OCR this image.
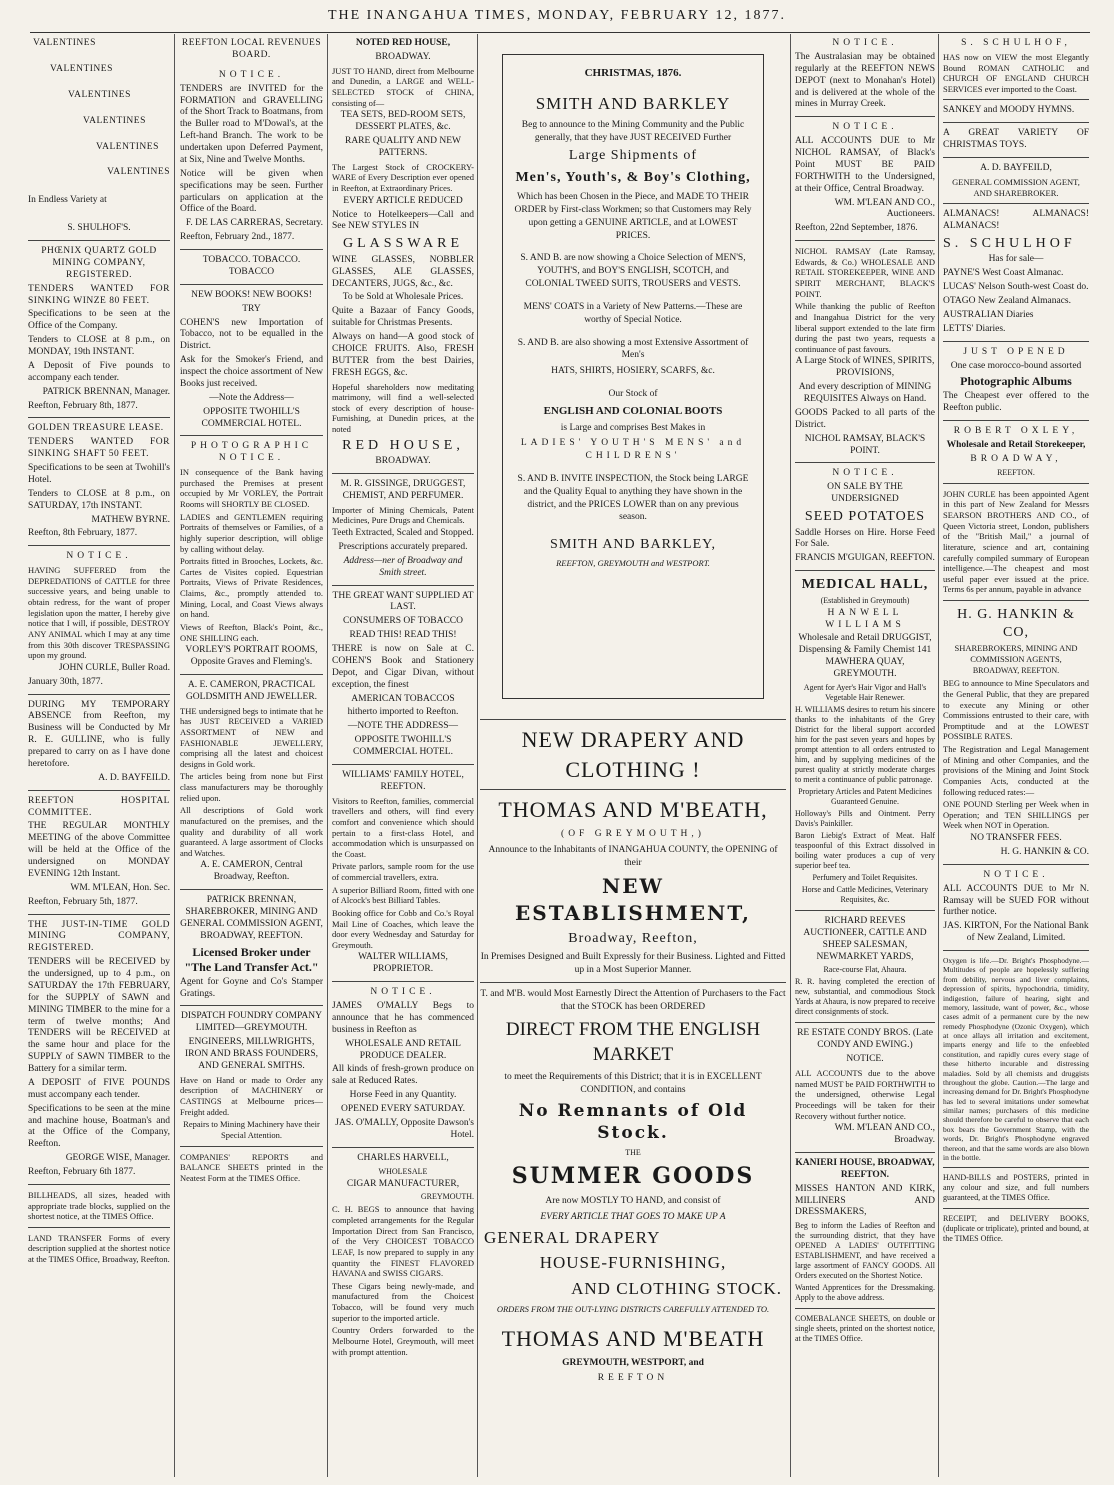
THE INANGAHUA TIMES, MONDAY, FEBRUARY 12, 1877.

VALENTINES

VALENTINES

VALENTINES

VALENTINES

VALENTINES

VALENTINES

In Endless Variety at

S. SHULHOF'S.

PHŒNIX QUARTZ GOLD MINING COMPANY, REGISTERED.

TENDERS WANTED FOR SINKING WINZE 80 FEET.

Specifications to be seen at the Office of the Company.

Tenders to CLOSE at 8 p.m., on MONDAY, 19th INSTANT.

A Deposit of Five pounds to accompany each tender.

PATRICK BRENNAN, Manager.

Reefton, February 8th, 1877.

GOLDEN TREASURE LEASE.

TENDERS WANTED FOR SINKING SHAFT 50 FEET.

Specifications to be seen at Twohill's Hotel.

Tenders to CLOSE at 8 p.m., on SATURDAY, 17th INSTANT.

MATHEW BYRNE.

Reefton, 8th February, 1877.

NOTICE.

HAVING SUFFERED from the DEPREDATIONS of CATTLE for three successive years, and being unable to obtain redress, for the want of proper legislation upon the matter, I hereby give notice that I will, if possible, DESTROY ANY ANIMAL which I may at any time from this 30th discover TRESPASSING upon my ground.

JOHN CURLE, Buller Road.

January 30th, 1877.

DURING MY TEMPORARY ABSENCE from Reefton, my Business will be Conducted by Mr R. E. GULLINE, who is fully prepared to carry on as I have done heretofore.

A. D. BAYFEILD.

REEFTON HOSPITAL COMMITTEE.

THE REGULAR MONTHLY MEETING of the above Committee will be held at the Office of the undersigned on MONDAY EVENING 12th Instant.

WM. M'LEAN, Hon. Sec.

Reefton, February 5th, 1877.

THE JUST-IN-TIME GOLD MINING COMPANY, REGISTERED.

TENDERS will be RECEIVED by the undersigned, up to 4 p.m., on SATURDAY the 17th FEBRUARY, for the SUPPLY of SAWN and MINING TIMBER to the mine for a term of twelve months; And TENDERS will be RECEIVED at the same hour and place for the SUPPLY of SAWN TIMBER to the Battery for a similar term.

A DEPOSIT of FIVE POUNDS must accompany each tender.

Specifications to be seen at the mine and machine house, Boatman's and at the Office of the Company, Reefton.

GEORGE WISE, Manager.

Reefton, February 6th 1877.

BILLHEADS, all sizes, headed with appropriate trade blocks, supplied on the shortest notice, at the TIMES Office.

LAND TRANSFER Forms of every description supplied at the shortest notice at the TIMES Office, Broadway, Reefton.

REEFTON LOCAL REVENUES BOARD.

NOTICE.

TENDERS are INVITED for the FORMATION and GRAVELLING of the Short Track to Boatmans, from the Buller road to M'Dowal's, at the Left-hand Branch. The work to be undertaken upon Deferred Payment, at Six, Nine and Twelve Months.

Notice will be given when specifications may be seen. Further particulars on application at the Office of the Board.

F. DE LAS CARRERAS, Secretary.

Reefton, February 2nd., 1877.

TOBACCO. TOBACCO. TOBACCO

NEW BOOKS! NEW BOOKS!

TRY

COHEN'S new Importation of Tobacco, not to be equalled in the District.

Ask for the Smoker's Friend, and inspect the choice assortment of New Books just received.

—Note the Address—

OPPOSITE TWOHILL'S COMMERCIAL HOTEL.

PHOTOGRAPHIC NOTICE.

IN consequence of the Bank having purchased the Premises at present occupied by Mr VORLEY, the Portrait Rooms will SHORTLY BE CLOSED.

LADIES and GENTLEMEN requiring Portraits of themselves or Families, of a highly superior description, will oblige by calling without delay.

Portraits fitted in Brooches, Lockets, &c. Cartes de Visites copied. Equestrian Portraits, Views of Private Residences, Claims, &c., promptly attended to. Mining, Local, and Coast Views always on hand.

Views of Reefton, Black's Point, &c., ONE SHILLING each.

VORLEY'S PORTRAIT ROOMS, Opposite Graves and Fleming's.

A. E. CAMERON, PRACTICAL GOLDSMITH AND JEWELLER.

THE undersigned begs to intimate that he has JUST RECEIVED a VARIED ASSORTMENT of NEW and FASHIONABLE JEWELLERY, comprising all the latest and choicest designs in Gold work.

The articles being from none but First class manufacturers may be thoroughly relied upon.

All descriptions of Gold work manufactured on the premises, and the quality and durability of all work guaranteed. A large assortment of Clocks and Watches.

A. E. CAMERON, Central Broadway, Reefton.

PATRICK BRENNAN, SHAREBROKER, MINING AND GENERAL COMMISSION AGENT, BROADWAY, REEFTON.

Licensed Broker under "The Land Transfer Act."

Agent for Goyne and Co's Stamper Gratings.

DISPATCH FOUNDRY COMPANY LIMITED—GREYMOUTH.

ENGINEERS, MILLWRIGHTS, IRON AND BRASS FOUNDERS, AND GENERAL SMITHS.

Have on Hand or made to Order any description of MACHINERY or CASTINGS at Melbourne prices—Freight added.

Repairs to Mining Machinery have their Special Attention.

COMPANIES' REPORTS and BALANCE SHEETS printed in the Neatest Form at the TIMES Office.

NOTED RED HOUSE,

BROADWAY.

JUST TO HAND, direct from Melbourne and Dunedin, a LARGE and WELL-SELECTED STOCK of CHINA, consisting of—

TEA SETS, BED-ROOM SETS, DESSERT PLATES, &c.

RARE QUALITY AND NEW PATTERNS.

The Largest Stock of CROCKERY-WARE of Every Description ever opened in Reefton, at Extraordinary Prices.

EVERY ARTICLE REDUCED

Notice to Hotelkeepers—Call and See NEW STYLES IN

GLASSWARE

WINE GLASSES, NOBBLER GLASSES, ALE GLASSES, DECANTERS, JUGS, &c., &c.

To be Sold at Wholesale Prices.

Quite a Bazaar of Fancy Goods, suitable for Christmas Presents.

Always on hand—A good stock of CHOICE FRUITS. Also, FRESH BUTTER from the best Dairies, FRESH EGGS, &c.

Hopeful shareholders now meditating matrimony, will find a well-selected stock of every description of house-Furnishing, at Dunedin prices, at the noted

RED HOUSE,

BROADWAY.

M. R. GISSINGE, DRUGGEST, CHEMIST, AND PERFUMER.

Importer of Mining Chemicals, Patent Medicines, Pure Drugs and Chemicals.

Teeth Extracted, Scaled and Stopped.

Prescriptions accurately prepared.

Address—ner of Broadway and Smith street.

THE GREAT WANT SUPPLIED AT LAST.

CONSUMERS OF TOBACCO

READ THIS! READ THIS!

THERE is now on Sale at C. COHEN'S Book and Stationery Depot, and Cigar Divan, without exception, the finest

AMERICAN TOBACCOS

hitherto imported to Reefton.

—NOTE THE ADDRESS—

OPPOSITE TWOHILL'S COMMERCIAL HOTEL.

WILLIAMS' FAMILY HOTEL, REEFTON.

Visitors to Reefton, families, commercial travellers and others, will find every comfort and convenience which should pertain to a first-class Hotel, and accommodation which is unsurpassed on the Coast.

Private parlors, sample room for the use of commercial travellers, extra.

A superior Billiard Room, fitted with one of Alcock's best Billiard Tables.

Booking office for Cobb and Co.'s Royal Mail Line of Coaches, which leave the door every Wednesday and Saturday for Greymouth.

WALTER WILLIAMS, PROPRIETOR.

NOTICE.

JAMES O'MALLY Begs to announce that he has commenced business in Reefton as

WHOLESALE AND RETAIL PRODUCE DEALER.

All kinds of fresh-grown produce on sale at Reduced Rates.

Horse Feed in any Quantity.

OPENED EVERY SATURDAY.

JAS. O'MALLY, Opposite Dawson's Hotel.

CHARLES HARVELL,

WHOLESALE

CIGAR MANUFACTURER,

GREYMOUTH.

C. H. BEGS to announce that having completed arrangements for the Regular Importation Direct from San Francisco, of the Very CHOICEST TOBACCO LEAF, Is now prepared to supply in any quantity the FINEST FLAVORED HAVANA and SWISS CIGARS.

These Cigars being newly-made, and manufactured from the Choicest Tobacco, will be found very much superior to the imported article.

Country Orders forwarded to the Melbourne Hotel, Greymouth, will meet with prompt attention.

CHRISTMAS, 1876.

SMITH AND BARKLEY

Beg to announce to the Mining Community and the Public generally, that they have JUST RECEIVED Further

Large Shipments of

Men's, Youth's, & Boy's Clothing,

Which has been Chosen in the Piece, and MADE TO THEIR ORDER by First-class Workmen; so that Customers may Rely upon getting a GENUINE ARTICLE, and at LOWEST PRICES.

S. AND B. are now showing a Choice Selection of MEN'S, YOUTH'S, and BOY'S ENGLISH, SCOTCH, and COLONIAL TWEED SUITS, TROUSERS and VESTS.

MENS' COATS in a Variety of New Patterns.—These are worthy of Special Notice.

S. AND B. are also showing a most Extensive Assortment of Men's

HATS, SHIRTS, HOSIERY, SCARFS, &c.

Our Stock of

ENGLISH AND COLONIAL BOOTS

is Large and comprises Best Makes in

LADIES' YOUTH'S MENS' and CHILDRENS'

S. AND B. INVITE INSPECTION, the Stock being LARGE and the Quality Equal to anything they have shown in the district, and the PRICES LOWER than on any previous season.

SMITH AND BARKLEY,

REEFTON, GREYMOUTH and WESTPORT.

NEW DRAPERY AND CLOTHING !

THOMAS AND M'BEATH,

(OF GREYMOUTH,)

Announce to the Inhabitants of INANGAHUA COUNTY, the OPENING of their

NEW ESTABLISHMENT,

Broadway, Reefton,

In Premises Designed and Built Expressly for their Business. Lighted and Fitted up in a Most Superior Manner.

T. and M'B. would Most Earnestly Direct the Attention of Purchasers to the Fact that the STOCK has been ORDERED

DIRECT FROM THE ENGLISH MARKET

to meet the Requirements of this District; that it is in EXCELLENT CONDITION, and contains

No Remnants of Old Stock.

THE

SUMMER GOODS

Are now MOSTLY TO HAND, and consist of

EVERY ARTICLE THAT GOES TO MAKE UP A

GENERAL DRAPERY

HOUSE-FURNISHING,

AND CLOTHING STOCK.

ORDERS FROM THE OUT-LYING DISTRICTS CAREFULLY ATTENDED TO.

THOMAS AND M'BEATH

GREYMOUTH, WESTPORT, and

REEFTON

NOTICE.

The Australasian may be obtained regularly at the REEFTON NEWS DEPOT (next to Monahan's Hotel) and is delivered at the whole of the mines in Murray Creek.

NOTICE.

ALL ACCOUNTS DUE to Mr NICHOL RAMSAY, of Black's Point MUST BE PAID FORTHWITH to the Undersigned, at their Office, Central Broadway.

WM. M'LEAN AND CO., Auctioneers.

Reefton, 22nd September, 1876.

NICHOL RAMSAY (Late Ramsay, Edwards, & Co.) WHOLESALE AND RETAIL STOREKEEPER, WINE AND SPIRIT MERCHANT, BLACK'S POINT.

While thanking the public of Reefton and Inangahua District for the very liberal support extended to the late firm during the past two years, requests a continuance of past favours.

A Large Stock of WINES, SPIRITS, PROVISIONS,

And every description of MINING REQUISITES Always on Hand.

GOODS Packed to all parts of the District.

NICHOL RAMSAY, BLACK'S POINT.

NOTICE.

ON SALE BY THE UNDERSIGNED

SEED POTATOES

Saddle Horses on Hire. Horse Feed For Sale.

FRANCIS M'GUIGAN, REEFTON.

MEDICAL HALL,

(Established in Greymouth)

HANWELL WILLIAMS

Wholesale and Retail DRUGGIST, Dispensing & Family Chemist 141 MAWHERA QUAY, GREYMOUTH.

Agent for Ayer's Hair Vigor and Hall's Vegetable Hair Renewer.

H. WILLIAMS desires to return his sincere thanks to the inhabitants of the Grey District for the liberal support accorded him for the past seven years and hopes by prompt attention to all orders entrusted to him, and by supplying medicines of the purest quality at strictly moderate charges to merit a continuance of public patronage.

Proprietary Articles and Patent Medicines Guaranteed Genuine.

Holloway's Pills and Ointment. Perry Davis's Painkiller.

Baron Liebig's Extract of Meat. Half teaspoonful of this Extract dissolved in boiling water produces a cup of very superior beef tea.

Perfumery and Toilet Requisites.

Horse and Cattle Medicines, Veterinary Requisites, &c.

RICHARD REEVES AUCTIONEER, CATTLE AND SHEEP SALESMAN, NEWMARKET YARDS,

Race-course Flat, Ahaura.

R. R. having completed the erection of new, substantial, and commodious Stock Yards at Ahaura, is now prepared to receive direct consignments of stock.

RE ESTATE CONDY BROS. (Late CONDY AND EWING.)

NOTICE.

ALL ACCOUNTS due to the above named MUST be PAID FORTHWITH to the undersigned, otherwise Legal Proceedings will be taken for their Recovery without further notice.

WM. M'LEAN AND CO., Broadway.

KANIERI HOUSE, BROADWAY, REEFTON.

MISSES HANTON AND KIRK, MILLINERS AND DRESSMAKERS,

Beg to inform the Ladies of Reefton and the surrounding district, that they have OPENED A LADIES' OUTFITTING ESTABLISHMENT, and have received a large assortment of FANCY GOODS. All Orders executed on the Shortest Notice.

Wanted Apprentices for the Dressmaking. Apply to the above address.

COMEBALANCE SHEETS, on double or single sheets, printed on the shortest notice, at the TIMES Office.

S. SCHULHOF,

HAS now on VIEW the most Elegantly Bound ROMAN CATHOLIC and CHURCH OF ENGLAND CHURCH SERVICES ever imported to the Coast.

SANKEY and MOODY HYMNS.

A GREAT VARIETY OF CHRISTMAS TOYS.

A. D. BAYFEILD,

GENERAL COMMISSION AGENT, AND SHAREBROKER.

ALMANACS! ALMANACS! ALMANACS!

S. SCHULHOF

Has for sale—

PAYNE'S West Coast Almanac.

LUCAS' Nelson South-west Coast do.

OTAGO New Zealand Almanacs.

AUSTRALIAN Diaries

LETTS' Diaries.

JUST OPENED

One case morocco-bound assorted

Photographic Albums

The Cheapest ever offered to the Reefton public.

ROBERT OXLEY,

Wholesale and Retail Storekeeper,

BROADWAY,

REEFTON.

JOHN CURLE has been appointed Agent in this part of New Zealand for Messrs SEARSON BROTHERS AND CO., of Queen Victoria street, London, publishers of the "British Mail," a journal of literature, science and art, containing carefully compiled summary of European intelligence.—The cheapest and most useful paper ever issued at the price. Terms 6s per annum, payable in advance

H. G. HANKIN & CO,

SHAREBROKERS, MINING AND COMMISSION AGENTS,

BROADWAY, REEFTON.

BEG to announce to Mine Speculators and the General Public, that they are prepared to execute any Mining or other Commissions entrusted to their care, with Promptitude and at the LOWEST POSSIBLE RATES.

The Registration and Legal Management of Mining and other Companies, and the provisions of the Mining and Joint Stock Companies Acts, conducted at the following reduced rates:—

ONE POUND Sterling per Week when in Operation; and TEN SHILLINGS per Week when NOT in Operation.

NO TRANSFER FEES.

H. G. HANKIN & CO.

NOTICE.

ALL ACCOUNTS DUE to Mr N. Ramsay will be SUED FOR without further notice.

JAS. KIRTON, For the National Bank of New Zealand, Limited.

Oxygen is life.—Dr. Bright's Phosphodyne.—Multitudes of people are hopelessly suffering from debility, nervous and liver complaints, depression of spirits, hypochondria, timidity, indigestion, failure of hearing, sight and memory, lassitude, want of power, &c., whose cases admit of a permanent cure by the new remedy Phosphodyne (Ozonic Oxygen), which at once allays all irritation and excitement, imparts energy and life to the enfeebled constitution, and rapidly cures every stage of these hitherto incurable and distressing maladies. Sold by all chemists and druggists throughout the globe. Caution.—The large and increasing demand for Dr. Bright's Phosphodyne has led to several imitations under somewhat similar names; purchasers of this medicine should therefore be careful to observe that each box bears the Government Stamp, with the words, Dr. Bright's Phosphodyne engraved thereon, and that the same words are also blown in the bottle.

HAND-BILLS and POSTERS, printed in any colour and size, and full numbers guaranteed, at the TIMES Office.

RECEIPT, and DELIVERY BOOKS, (duplicate or triplicate), printed and bound, at the TIMES Office.
